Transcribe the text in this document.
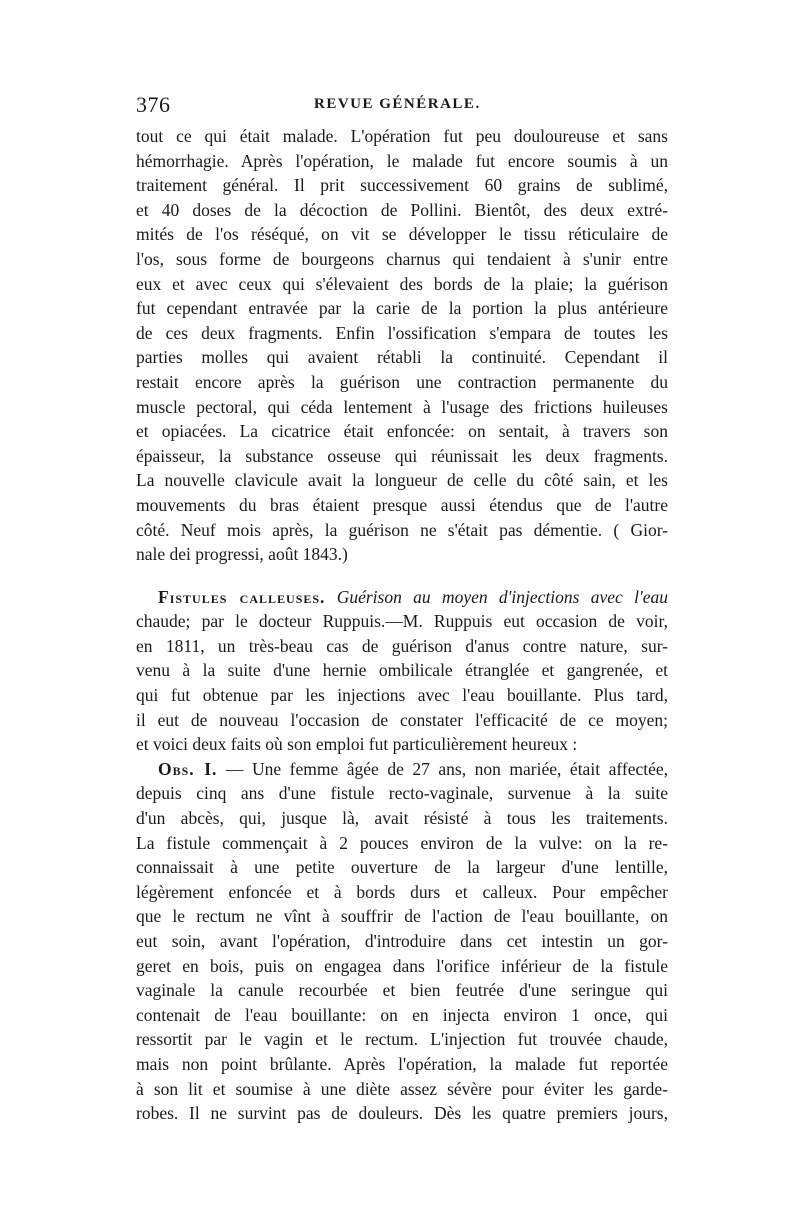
376	REVUE GÉNÉRALE.
tout ce qui était malade. L'opération fut peu douloureuse et sans
hémorrhagie. Après l'opération, le malade fut encore soumis à un
traitement général. Il prit successivement 60 grains de sublimé,
et 40 doses de la décoction de Pollini. Bientôt, des deux extré-
mités de l'os réséqué, on vit se développer le tissu réticulaire de
l'os, sous forme de bourgeons charnus qui tendaient à s'unir entre
eux et avec ceux qui s'élevaient des bords de la plaie; la guérison
fut cependant entravée par la carie de la portion la plus antérieure
de ces deux fragments. Enfin l'ossification s'empara de toutes les
parties molles qui avaient rétabli la continuité. Cependant il
restait encore après la guérison une contraction permanente du
muscle pectoral, qui céda lentement à l'usage des frictions huileuses
et opiacées. La cicatrice était enfoncée: on sentait, à travers son
épaisseur, la substance osseuse qui réunissait les deux fragments.
La nouvelle clavicule avait la longueur de celle du côté sain, et les
mouvements du bras étaient presque aussi étendus que de l'autre
côté. Neuf mois après, la guérison ne s'était pas démentie. ( Gior-
nale dei progressi, août 1843.)
Fistules calleuses. Guérison au moyen d'injections avec l'eau
chaude; par le docteur Ruppuis.—M. Ruppuis eut occasion de voir,
en 1811, un très-beau cas de guérison d'anus contre nature, sur-
venu à la suite d'une hernie ombilicale étranglée et gangrenée, et
qui fut obtenue par les injections avec l'eau bouillante. Plus tard,
il eut de nouveau l'occasion de constater l'efficacité de ce moyen;
et voici deux faits où son emploi fut particulièrement heureux :
Obs. I. — Une femme âgée de 27 ans, non mariée, était affectée,
depuis cinq ans d'une fistule recto-vaginale, survenue à la suite
d'un abcès, qui, jusque là, avait résisté à tous les traitements.
La fistule commençait à 2 pouces environ de la vulve: on la re-
connaissait à une petite ouverture de la largeur d'une lentille,
légèrement enfoncée et à bords durs et calleux. Pour empêcher
que le rectum ne vînt à souffrir de l'action de l'eau bouillante, on
eut soin, avant l'opération, d'introduire dans cet intestin un gor-
geret en bois, puis on engagea dans l'orifice inférieur de la fistule
vaginale la canule recourbée et bien feutrée d'une seringue qui
contenait de l'eau bouillante: on en injecta environ 1 once, qui
ressortit par le vagin et le rectum. L'injection fut trouvée chaude,
mais non point brûlante. Après l'opération, la malade fut reportée
à son lit et soumise à une diète assez sévère pour éviter les garde-
robes. Il ne survint pas de douleurs. Dès les quatre premiers jours,
